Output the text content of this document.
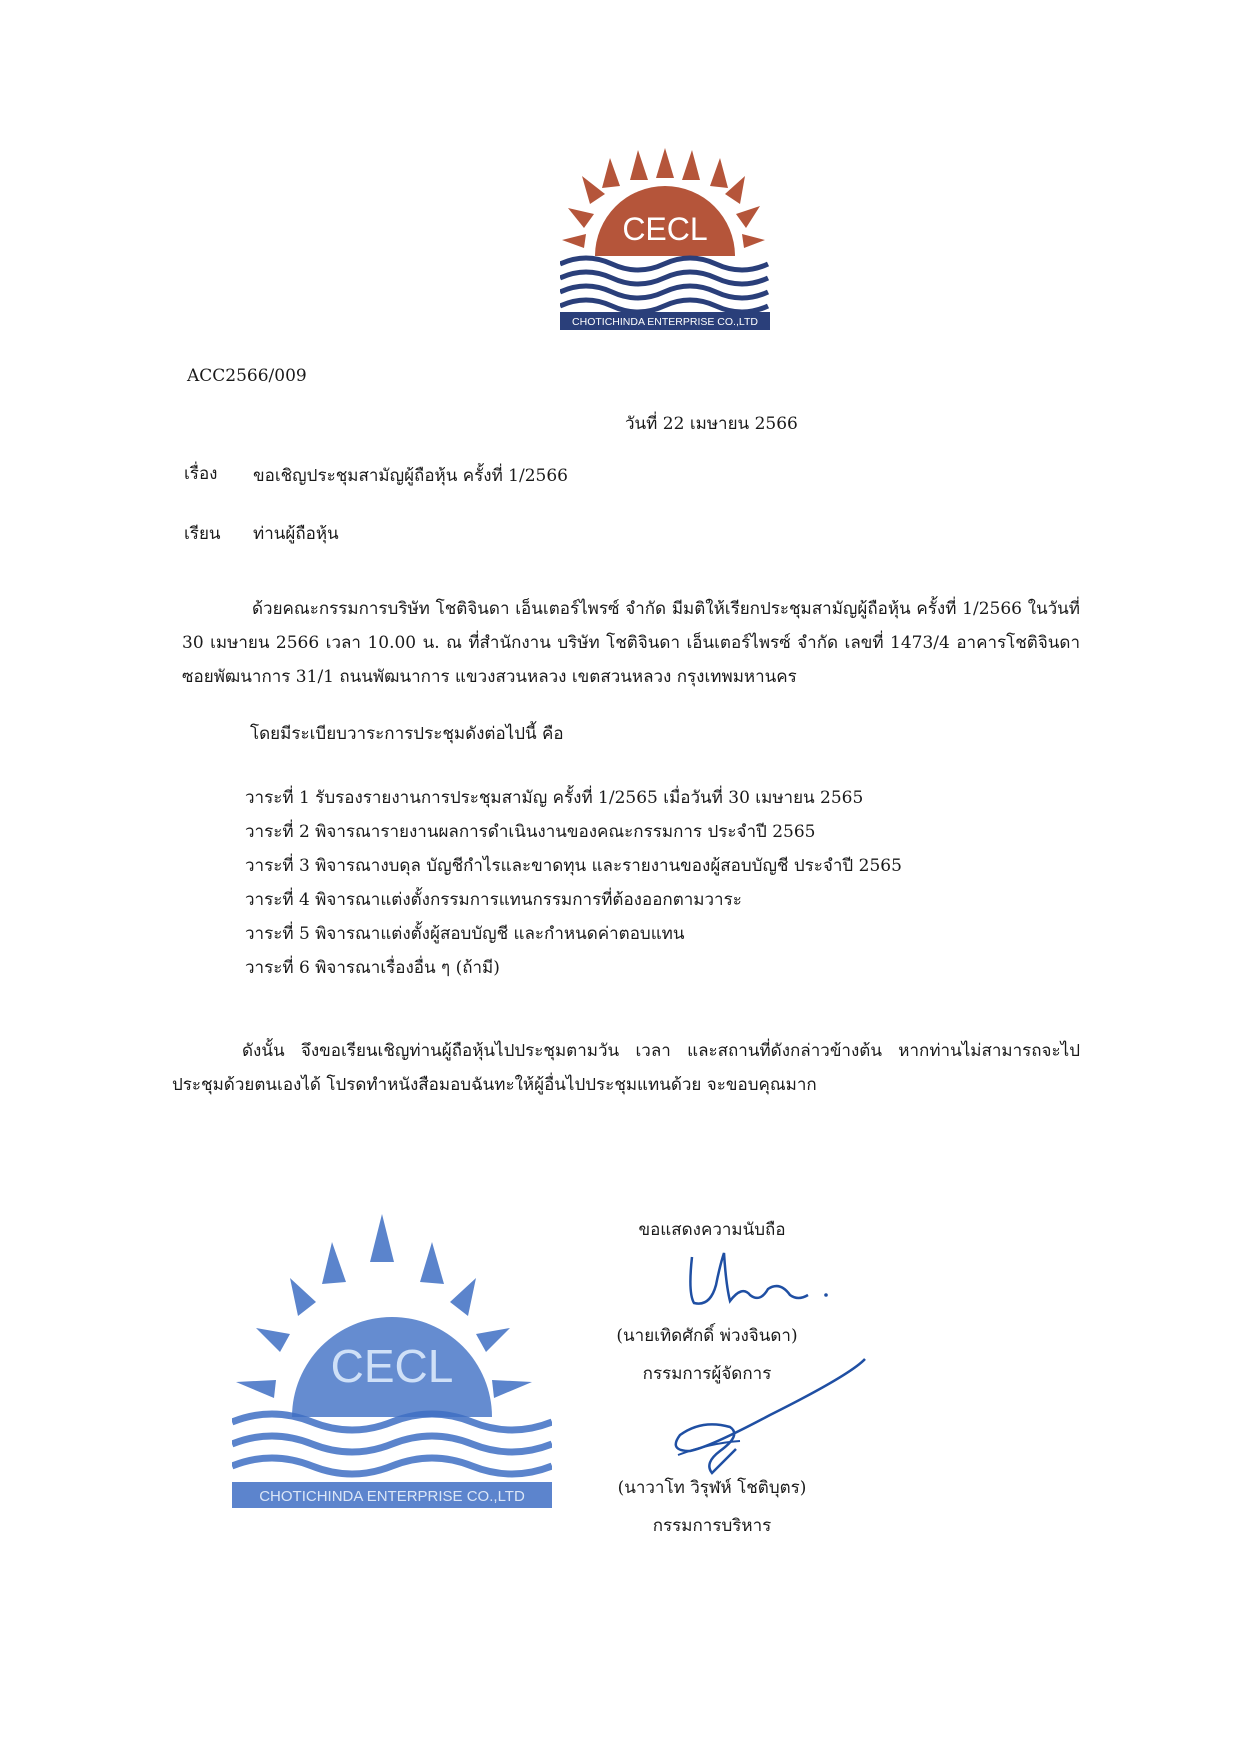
CECL
CHOTICHINDA ENTERPRISE CO.,LTD
ACC2566/009
วันที่ 22 เมษายน 2566
เรื่อง ขอเชิญประชุมสามัญผู้ถือหุ้น ครั้งที่ 1/2566
เรียน ท่านผู้ถือหุ้น
ด้วยคณะกรรมการบริษัท โชติจินดา เอ็นเตอร์ไพรซ์ จำกัด มีมติให้เรียกประชุมสามัญผู้ถือหุ้น ครั้งที่ 1/2566 ในวันที่ 30 เมษายน 2566 เวลา 10.00 น. ณ ที่สำนักงาน บริษัท โชติจินดา เอ็นเตอร์ไพรซ์ จำกัด เลขที่ 1473/4 อาคารโชติจินดา ซอยพัฒนาการ 31/1 ถนนพัฒนาการ แขวงสวนหลวง เขตสวนหลวง กรุงเทพมหานคร
โดยมีระเบียบวาระการประชุมดังต่อไปนี้ คือ
วาระที่ 1 รับรองรายงานการประชุมสามัญ ครั้งที่ 1/2565 เมื่อวันที่ 30 เมษายน 2565
วาระที่ 2 พิจารณารายงานผลการดำเนินงานของคณะกรรมการ ประจำปี 2565
วาระที่ 3 พิจารณางบดุล บัญชีกำไรและขาดทุน และรายงานของผู้สอบบัญชี ประจำปี 2565
วาระที่ 4 พิจารณาแต่งตั้งกรรมการแทนกรรมการที่ต้องออกตามวาระ
วาระที่ 5 พิจารณาแต่งตั้งผู้สอบบัญชี และกำหนดค่าตอบแทน
วาระที่ 6 พิจารณาเรื่องอื่น ๆ (ถ้ามี)
ดังนั้น จึงขอเรียนเชิญท่านผู้ถือหุ้นไปประชุมตามวัน เวลา และสถานที่ดังกล่าวข้างต้น หากท่านไม่สามารถจะไปประชุมด้วยตนเองได้ โปรดทำหนังสือมอบฉันทะให้ผู้อื่นไปประชุมแทนด้วย จะขอบคุณมาก
CECL
CHOTICHINDA ENTERPRISE CO.,LTD
ขอแสดงความนับถือ
(นายเทิดศักดิ์ พ่วงจินดา)
กรรมการผู้จัดการ
(นาวาโท วิรุฬห์ โชติบุตร)
กรรมการบริหาร
